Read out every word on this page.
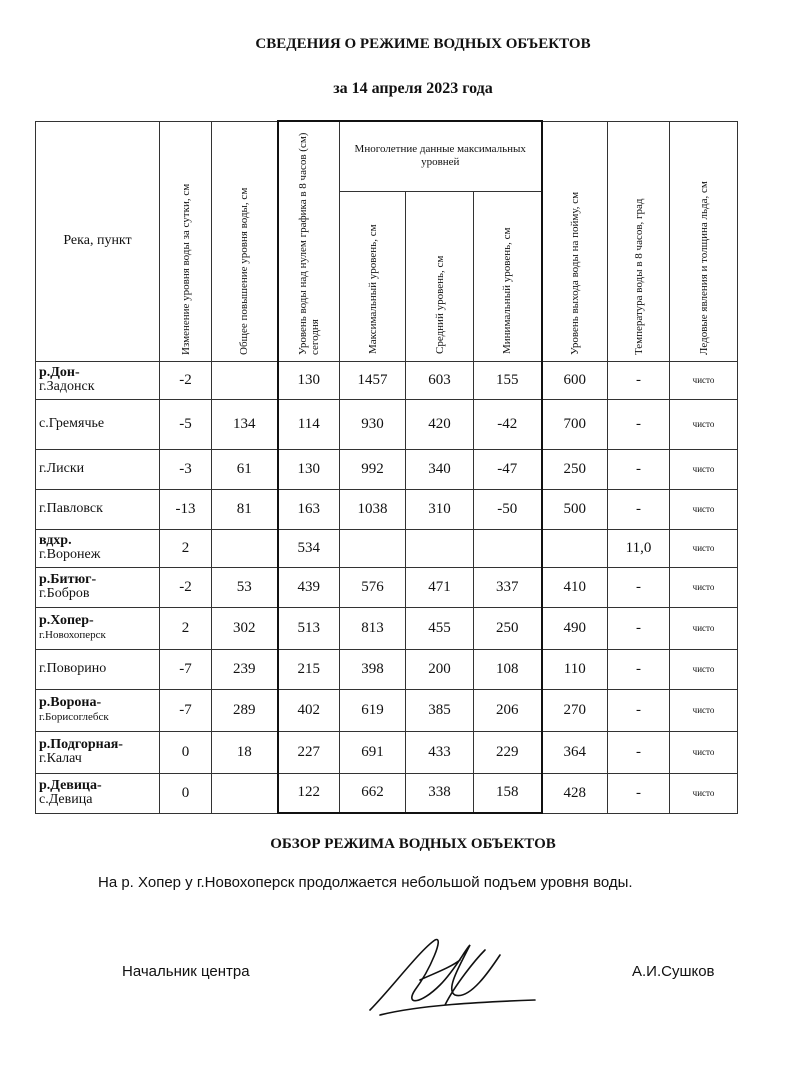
СВЕДЕНИЯ О РЕЖИМЕ ВОДНЫХ ОБЪЕКТОВ
за 14 апреля 2023 года
Река, пункт	Изменение уровня воды за сутки, см	Общее повышение уровня воды, см	Уровень воды над нулем графика в 8 часов (см) сегодня	Многолетние данные максимальных уровней			Уровень выхода воды на пойму, см	Температура воды в 8 часов, град	Ледовые явления и толщина льда, см
				Максимальный уровень, см	Средний уровень, см	Минимальный уровень, см			

р.Дон-
г.Задонск	-2		130	1457	603	155	600	-	чисто

с.Гремячье	-5	134	114	930	420	-42	700	-	чисто

г.Лиски	-3	61	130	992	340	-47	250	-	чисто

г.Павловск	-13	81	163	1038	310	-50	500	-	чисто

вдхр.
г.Воронеж	2		534					11,0	чисто

р.Битюг-
г.Бобров	-2	53	439	576	471	337	410	-	чисто

р.Хопер-
г.Новохоперск	2	302	513	813	455	250	490	-	чисто

г.Поворино	-7	239	215	398	200	108	110	-	чисто

р.Ворона-
г.Борисоглебск	-7	289	402	619	385	206	270	-	чисто

р.Подгорная-
г.Калач	0	18	227	691	433	229	364	-	чисто

р.Девица-
с.Девица	0		122	662	338	158	428	-	чисто
ОБЗОР РЕЖИМА ВОДНЫХ ОБЪЕКТОВ
На р. Хопер у г.Новохоперск продолжается небольшой подъем уровня воды.
Начальник центра	А.И.Сушков
